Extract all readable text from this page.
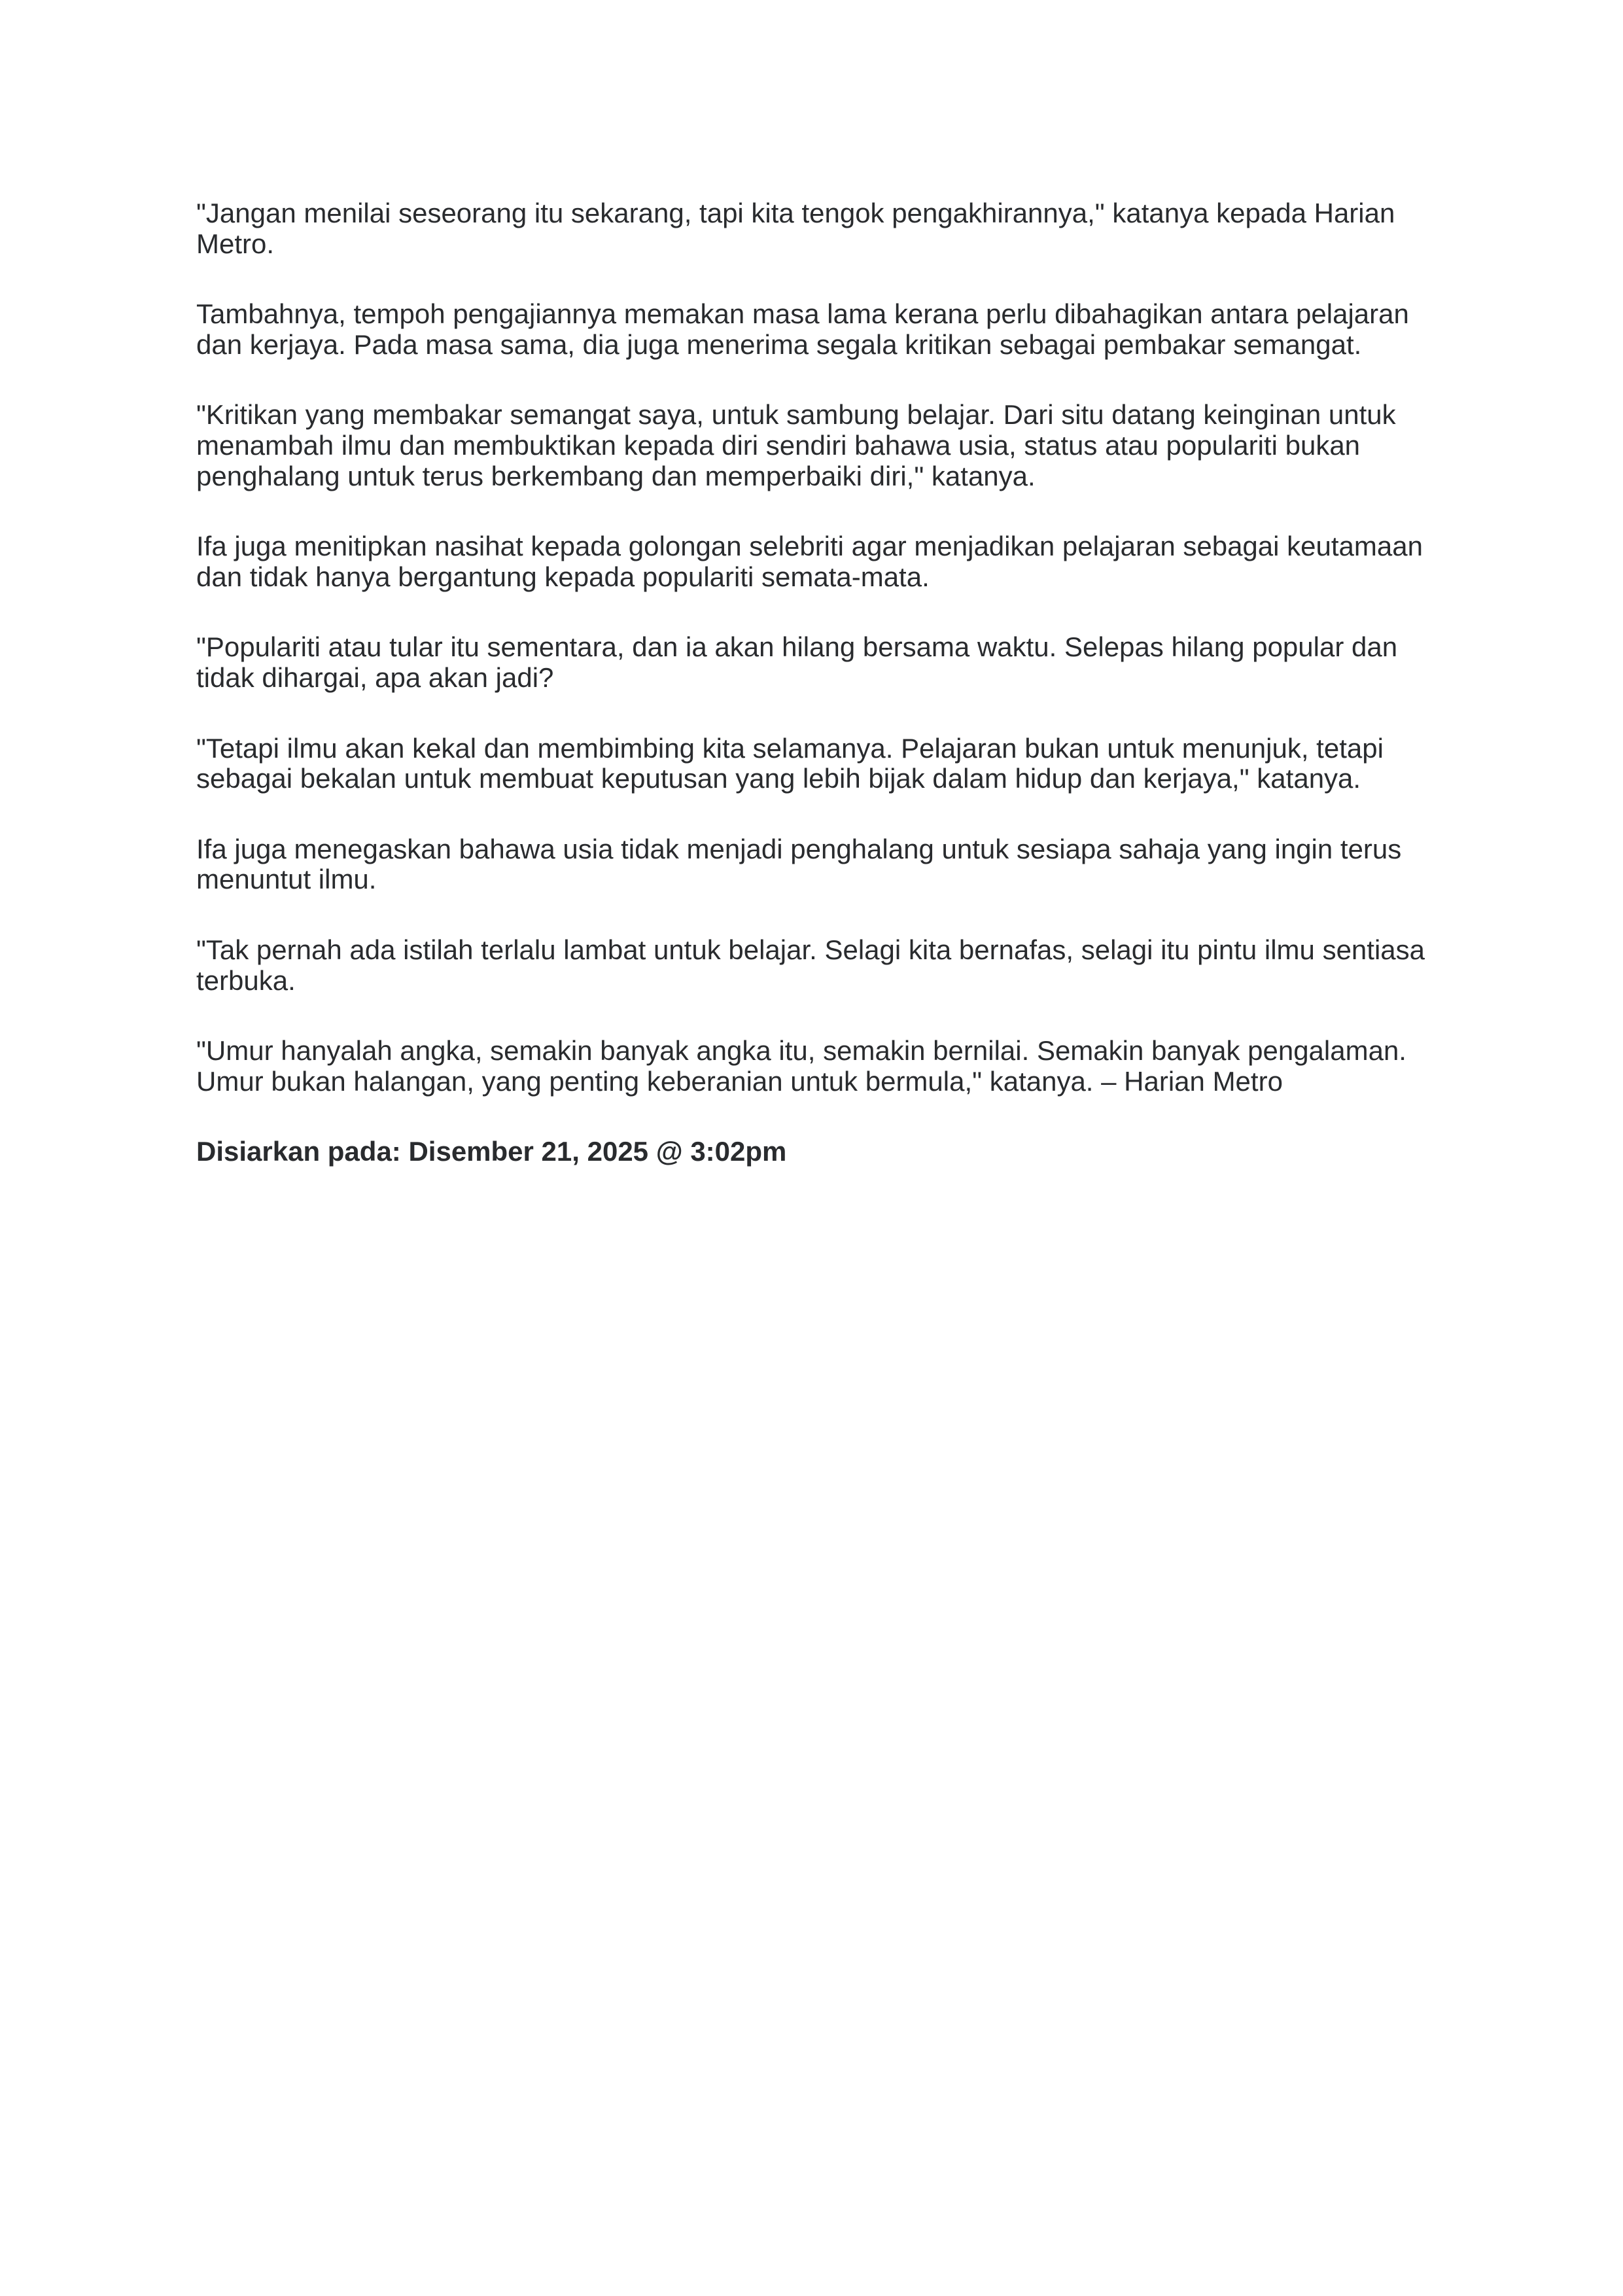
"Jangan menilai seseorang itu sekarang, tapi kita tengok pengakhirannya," katanya kepada Harian Metro.

Tambahnya, tempoh pengajiannya memakan masa lama kerana perlu dibahagikan antara pelajaran dan kerjaya. Pada masa sama, dia juga menerima segala kritikan sebagai pembakar semangat.

"Kritikan yang membakar semangat saya, untuk sambung belajar. Dari situ datang keinginan untuk menambah ilmu dan membuktikan kepada diri sendiri bahawa usia, status atau populariti bukan penghalang untuk terus berkembang dan memperbaiki diri," katanya.

Ifa juga menitipkan nasihat kepada golongan selebriti agar menjadikan pelajaran sebagai keutamaan dan tidak hanya bergantung kepada populariti semata-mata.

"Populariti atau tular itu sementara, dan ia akan hilang bersama waktu. Selepas hilang popular dan tidak dihargai, apa akan jadi?

"Tetapi ilmu akan kekal dan membimbing kita selamanya. Pelajaran bukan untuk menunjuk, tetapi sebagai bekalan untuk membuat keputusan yang lebih bijak dalam hidup dan kerjaya," katanya.

Ifa juga menegaskan bahawa usia tidak menjadi penghalang untuk sesiapa sahaja yang ingin terus menuntut ilmu.

"Tak pernah ada istilah terlalu lambat untuk belajar. Selagi kita bernafas, selagi itu pintu ilmu sentiasa terbuka.

"Umur hanyalah angka, semakin banyak angka itu, semakin bernilai. Semakin banyak pengalaman. Umur bukan halangan, yang penting keberanian untuk bermula," katanya. – Harian Metro

Disiarkan pada: Disember 21, 2025 @ 3:02pm
